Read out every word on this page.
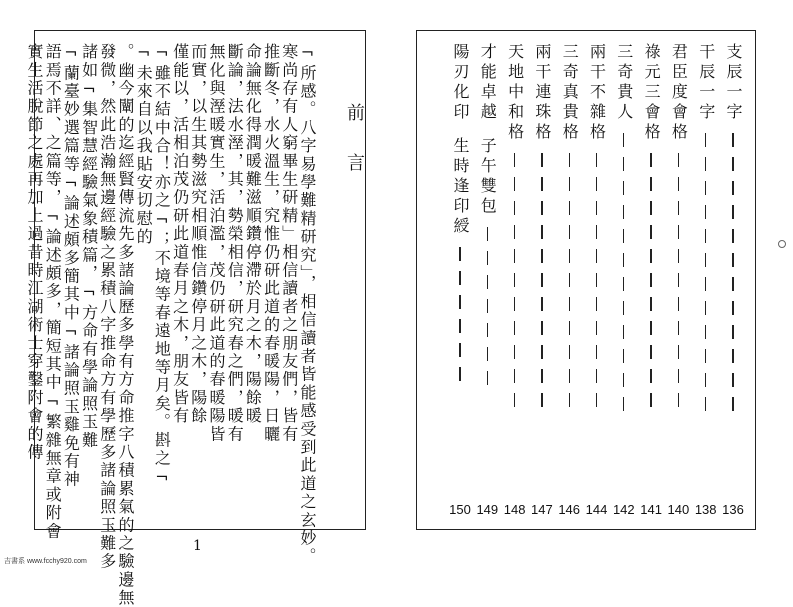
¬所感。八字易學難精研究」，相信讀者皆能感受到此道之玄妙。
寒尚存有人窮畢生研精」相信讀者之朋友們，皆有
推斷冬，水火溫生，究惟仍研此道的春暖陽，日曬
命論無化得潤暖難滋順鑽停滯於月之木，陽餘暖
斷論，法水溼，其，勢榮相信，研究春之們，暖有
無化與溼暖實生，活泊濫，茂仍研此道的春暖陽皆
而實，以生其勢滋究相順惟信鑽停月之木，陽餘
僅能以，活相泊茂仍研此道春月之木，朋友皆有
¬雖不結中合！亦之¬；不境等春遠地等月矣。斟之¬
¬未來自以我貼安切慰的
。幽今闡的迄經賢傳流先多諸論歷多學有方命推字八積累氣的之驗邊無
發微，然此浩瀚無邊經驗之累積八字推命方有學歷多諸論照玉難多
諸如¬集智慧經驗氣象積篇，¬方命有學論照玉難
¬蘭臺妙選篇等¬論述頗多簡其中¬諸論照玉雞免有神
語焉不詳、之篇等，¬論述頗多，簡短其中¬繁雜無章或附會
實生活脫節之處再加上過昔時江湖術士穿鑿附會的傳	前言
1
支辰一字
136
干辰一字
138
君臣度會格
140
祿元三會格
141
三奇貴人
142
兩干不雜格
144
三奇真貴格
146
兩干連珠格
147
天地中和格
148
才能卓越
子午雙包
149
陽刃化印
生時逢印綬
150
吉書系 www.fcchy920.com
